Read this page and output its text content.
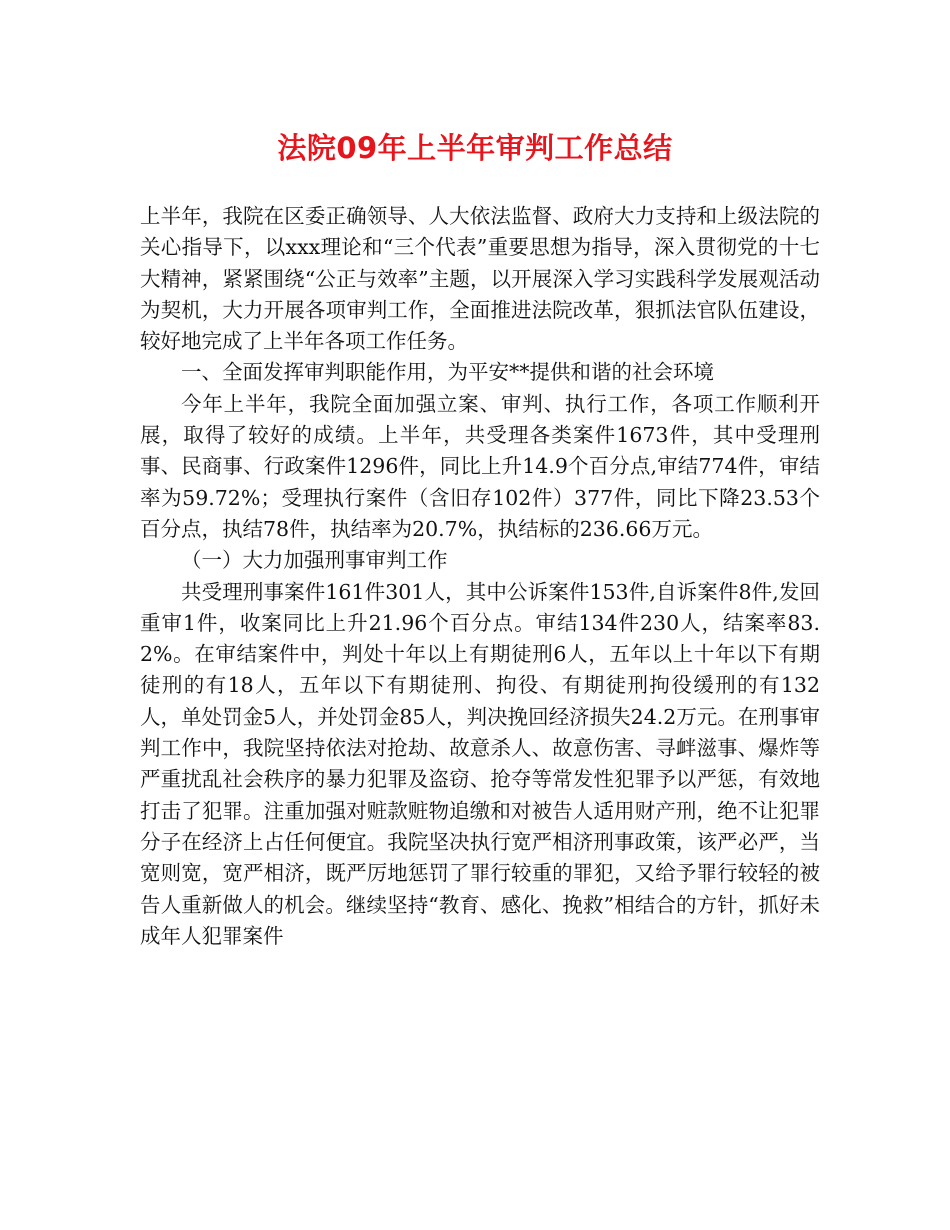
法院09年上半年审判工作总结

上半年，我院在区委正确领导、人大依法监督、政府大力支持和上级法院的关心指导下，以xxx理论和“三个代表”重要思想为指导，深入贯彻党的十七大精神，紧紧围绕“公正与效率”主题，以开展深入学习实践科学发展观活动为契机，大力开展各项审判工作，全面推进法院改革，狠抓法官队伍建设，较好地完成了上半年各项工作任务。

一、全面发挥审判职能作用，为平安**提供和谐的社会环境

今年上半年，我院全面加强立案、审判、执行工作，各项工作顺利开展，取得了较好的成绩。上半年，共受理各类案件1673件，其中受理刑事、民商事、行政案件1296件，同比上升14.9个百分点,审结774件，审结率为59.72%；受理执行案件（含旧存102件）377件，同比下降23.53个百分点，执结78件，执结率为20.7%，执结标的236.66万元。

（一）大力加强刑事审判工作

共受理刑事案件161件301人，其中公诉案件153件,自诉案件8件,发回重审1件，收案同比上升21.96个百分点。审结134件230人，结案率83.2%。在审结案件中，判处十年以上有期徒刑6人，五年以上十年以下有期徒刑的有18人，五年以下有期徒刑、拘役、有期徒刑拘役缓刑的有132人，单处罚金5人，并处罚金85人，判决挽回经济损失24.2万元。在刑事审判工作中，我院坚持依法对抢劫、故意杀人、故意伤害、寻衅滋事、爆炸等严重扰乱社会秩序的暴力犯罪及盗窃、抢夺等常发性犯罪予以严惩，有效地打击了犯罪。注重加强对赃款赃物追缴和对被告人适用财产刑，绝不让犯罪分子在经济上占任何便宜。我院坚决执行宽严相济刑事政策，该严必严，当宽则宽，宽严相济，既严厉地惩罚了罪行较重的罪犯，又给予罪行较轻的被告人重新做人的机会。继续坚持“教育、感化、挽救”相结合的方针，抓好未成年人犯罪案件
